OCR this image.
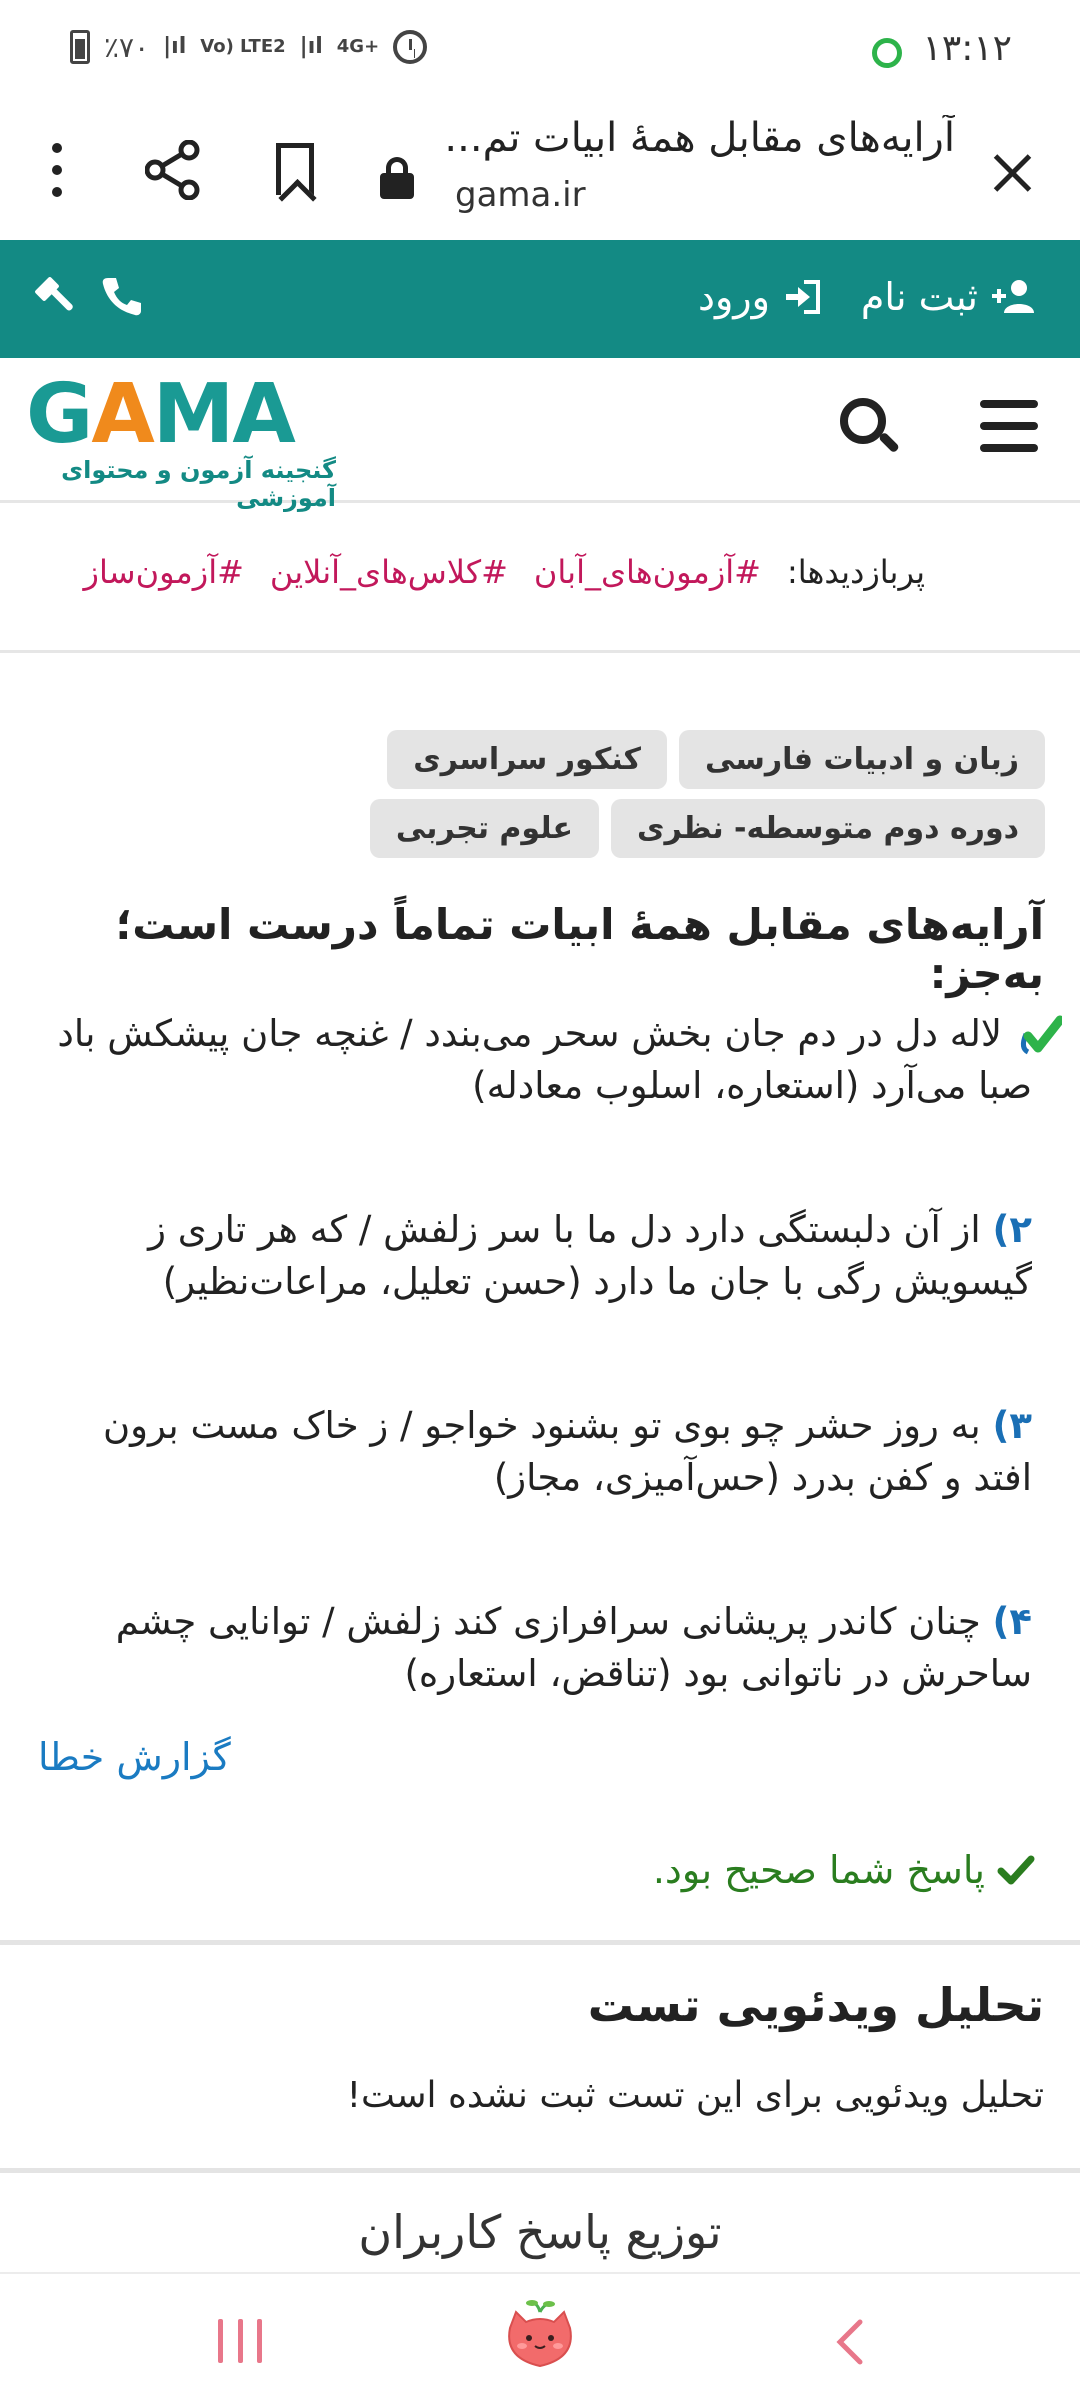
٪۷۰ |ıl Vo) LTE2 |ıl 4G+	۱۳:۱۲
آرایه‌های مقابل همهٔ ابیات تم...
gama.ir
ثبت نام
ورود
GAMA
گنجینه آزمون و محتوای آموزشی
پربازدیدها:
#آزمون‌های_آبان
#کلاس‌های_آنلاین
#آزمون‌ساز
زبان و ادبیات فارسی
کنکور سراسری
دوره دوم متوسطه- نظری
علوم تجربی
آرایه‌های مقابل همهٔ ابیات تماماً درست است؛ به‌جز:
لاله دل در دم جان بخش سحر می‌بندد / غنچه جان پیشکش باد صبا می‌آرد (استعاره، اسلوب معادله)
۲) از آن دلبستگی دارد دل ما با سر زلفش / که هر تاری ز گیسویش رگی با جان ما دارد (حسن تعلیل، مراعات‌نظیر)
۳) به روز حشر چو بوی تو بشنود خواجو / ز خاک مست برون افتد و کفن بدرد (حس‌آمیزی، مجاز)
۴) چنان کاندر پریشانی سرافرازی کند زلفش / توانایی چشم ساحرش در ناتوانی بود (تناقض، استعاره)
گزارش خطا
پاسخ شما صحیح بود.
تحلیل ویدئویی تست
تحلیل ویدئویی برای این تست ثبت نشده است!
توزیع پاسخ کاربران
